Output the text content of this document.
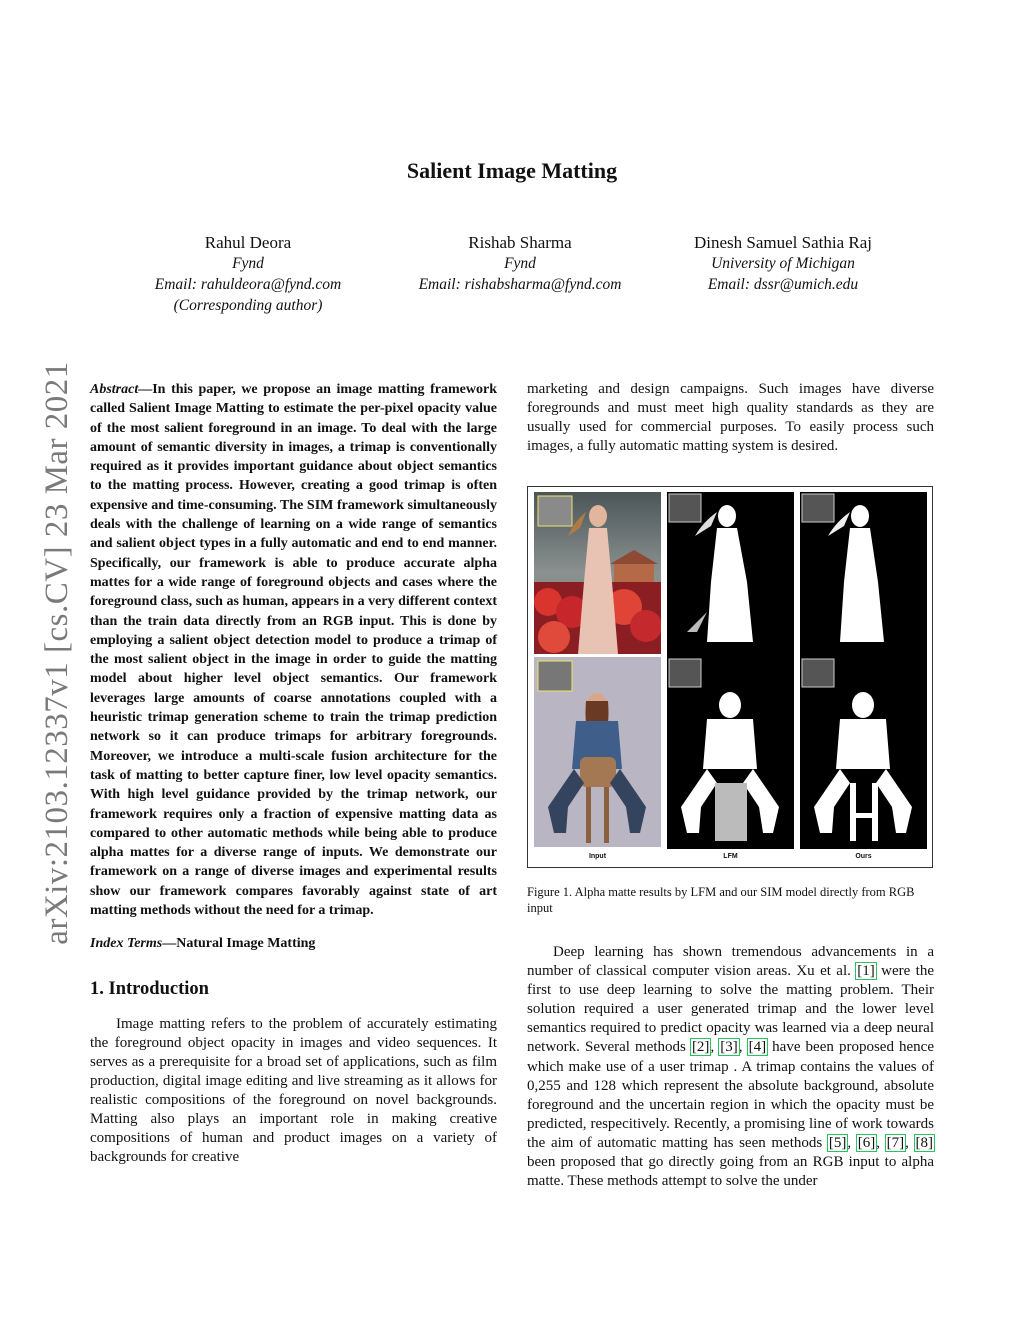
arXiv:2103.12337v1 [cs.CV] 23 Mar 2021
Salient Image Matting
Rahul Deora
Fynd
Email: rahuldeora@fynd.com
(Corresponding author)
Rishab Sharma
Fynd
Email: rishabsharma@fynd.com
Dinesh Samuel Sathia Raj
University of Michigan
Email: dssr@umich.edu

Abstract—In this paper, we propose an image matting framework called Salient Image Matting to estimate the per-pixel opacity value of the most salient foreground in an image. To deal with the large amount of semantic diversity in images, a trimap is conventionally required as it provides important guidance about object semantics to the matting process. However, creating a good trimap is often expensive and time-consuming. The SIM framework simultaneously deals with the challenge of learning on a wide range of semantics and salient object types in a fully automatic and end to end manner. Specifically, our framework is able to produce accurate alpha mattes for a wide range of foreground objects and cases where the foreground class, such as human, appears in a very different context than the train data directly from an RGB input. This is done by employing a salient object detection model to produce a trimap of the most salient object in the image in order to guide the matting model about higher level object semantics. Our framework leverages large amounts of coarse annotations coupled with a heuristic trimap generation scheme to train the trimap prediction network so it can produce trimaps for arbitrary foregrounds. Moreover, we introduce a multi-scale fusion architecture for the task of matting to better capture finer, low level opacity semantics. With high level guidance provided by the trimap network, our framework requires only a fraction of expensive matting data as compared to other automatic methods while being able to produce alpha mattes for a diverse range of inputs. We demonstrate our framework on a range of diverse images and experimental results show our framework compares favorably against state of art matting methods without the need for a trimap.

Index Terms—Natural Image Matting

1. Introduction

Image matting refers to the problem of accurately estimating the foreground object opacity in images and video sequences. It serves as a prerequisite for a broad set of applications, such as film production, digital image editing and live streaming as it allows for realistic compositions of the foreground on novel backgrounds. Matting also plays an important role in making creative compositions of human and product images on a variety of backgrounds for creative

marketing and design campaigns. Such images have diverse foregrounds and must meet high quality standards as they are usually used for commercial purposes. To easily process such images, a fully automatic matting system is desired.

Input	LFM	Ours
Figure 1. Alpha matte results by LFM and our SIM model directly from RGB input

Deep learning has shown tremendous advancements in a number of classical computer vision areas. Xu et al. [1] were the first to use deep learning to solve the matting problem. Their solution required a user generated trimap and the lower level semantics required to predict opacity was learned via a deep neural network. Several methods [2], [3], [4] have been proposed hence which make use of a user trimap . A trimap contains the values of 0,255 and 128 which represent the absolute background, absolute foreground and the uncertain region in which the opacity must be predicted, respecitively. Recently, a promising line of work towards the aim of automatic matting has seen methods [5], [6], [7], [8] been proposed that go directly going from an RGB input to alpha matte. These methods attempt to solve the under
